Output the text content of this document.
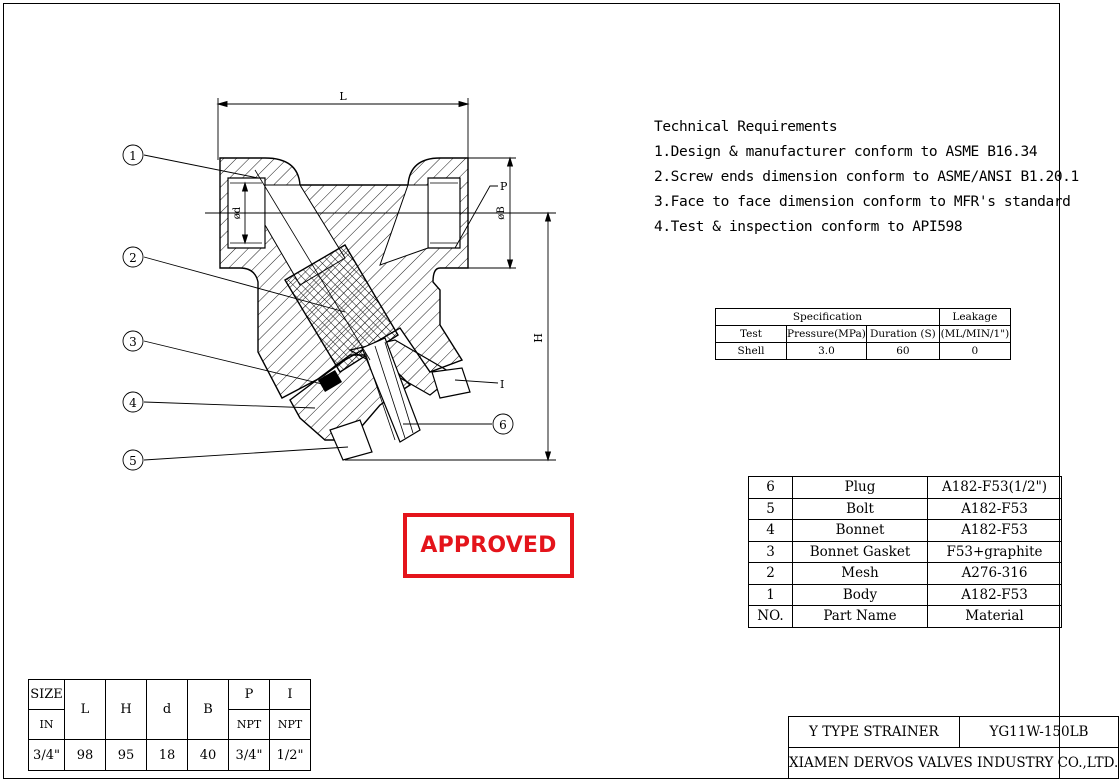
L
ød	øB
H
P
I
1
2
3
4
5
6
Technical Requirements
1.Design & manufacturer conform to ASME B16.34
2.Screw ends dimension conform to ASME/ANSI B1.20.1
3.Face to face dimension conform to MFR's standard
4.Test & inspection conform to API598
Specification			Leakage
Test	Pressure(MPa)	Duration (S)	(ML/MIN/1")
Shell	3.0	60	0
6	Plug	A182-F53(1/2")
5	Bolt	A182-F53
4	Bonnet	A182-F53
3	Bonnet Gasket	F53+graphite
2	Mesh	A276-316
1	Body	A182-F53
NO.	Part Name	Material
APPROVED
SIZE	L	H	d	B	P	I
IN					NPT	NPT
3/4"	98	95	18	40	3/4"	1/2"
Y TYPE STRAINER	YG11W-150LB
XIAMEN DERVOS VALVES INDUSTRY CO.,LTD.
